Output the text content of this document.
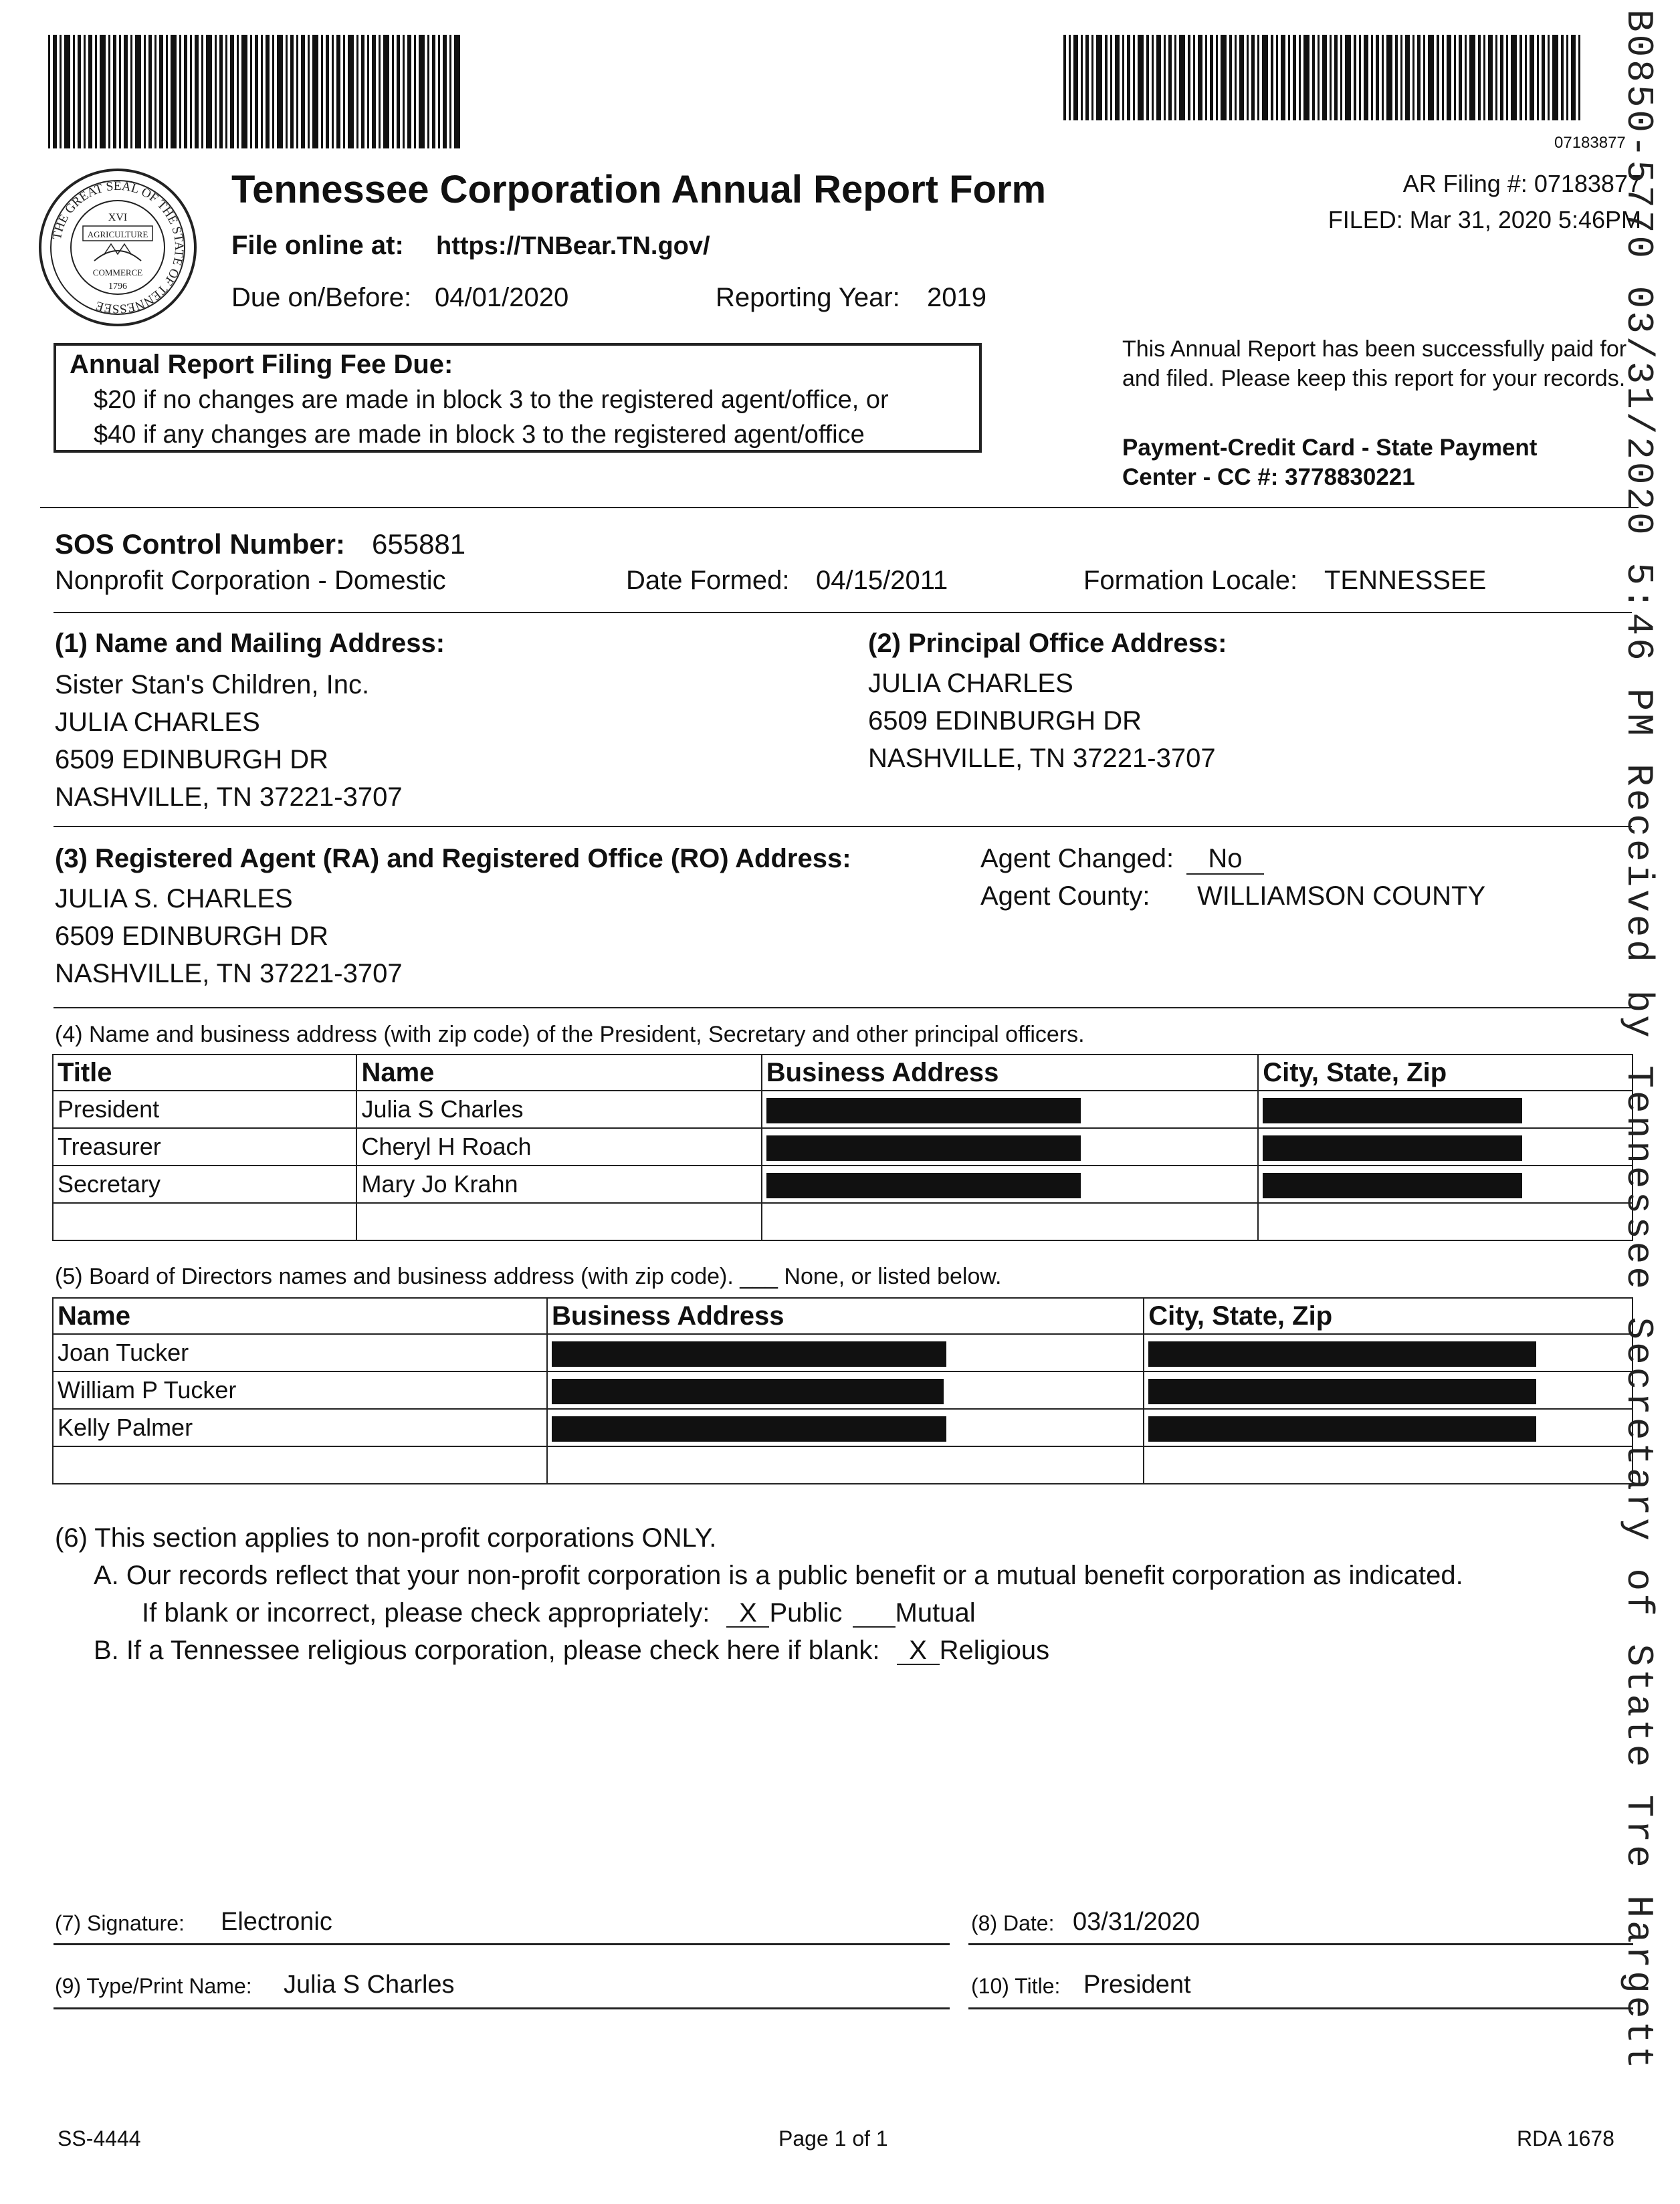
07183877
THE GREAT SEAL OF THE STATE OF TENNESSEE
XVI
AGRICULTURE
COMMERCE
1796
Tennessee Corporation Annual Report Form
File online at: https://TNBear.TN.gov/
Due on/Before: 04/01/2020	Reporting Year: 2019
AR Filing #: 07183877
FILED: Mar 31, 2020 5:46PM
Annual Report Filing Fee Due:
$20 if no changes are made in block 3 to the registered agent/office, or
$40 if any changes are made in block 3 to the registered agent/office
This Annual Report has been successfully paid for and filed. Please keep this report for your records.
Payment-Credit Card - State Payment
Center - CC #: 3778830221
SOS Control Number: 655881
Nonprofit Corporation - Domestic	Date Formed: 04/15/2011	Formation Locale: TENNESSEE
(1) Name and Mailing Address:
Sister Stan's Children, Inc.
JULIA CHARLES
6509 EDINBURGH DR
NASHVILLE, TN 37221-3707
(2) Principal Office Address:
JULIA CHARLES
6509 EDINBURGH DR
NASHVILLE, TN 37221-3707
(3) Registered Agent (RA) and Registered Office (RO) Address:
JULIA S. CHARLES
6509 EDINBURGH DR
NASHVILLE, TN 37221-3707
Agent Changed:	No
Agent County: WILLIAMSON COUNTY
(4) Name and business address (with zip code) of the President, Secretary and other principal officers.
Title	Name	Business Address	City, State, Zip
President	Julia S Charles		
Treasurer	Cheryl H Roach		
Secretary	Mary Jo Krahn		

(5) Board of Directors names and business address (with zip code). ___ None, or listed below.
Name	Business Address	City, State, Zip
Joan Tucker		
William P Tucker		
Kelly Palmer		

(6) This section applies to non-profit corporations ONLY.
A. Our records reflect that your non-profit corporation is a public benefit or a mutual benefit corporation as indicated.
If blank or incorrect, please check appropriately: X Public Mutual
B. If a Tennessee religious corporation, please check here if blank: X Religious
(7) Signature: Electronic	(8) Date: 03/31/2020
(9) Type/Print Name: Julia S Charles	(10) Title: President
SS-4444	Page 1 of 1	RDA 1678
B0850-5770 03/31/2020 5:46 PM Received by Tennessee Secretary of State Tre Hargett
